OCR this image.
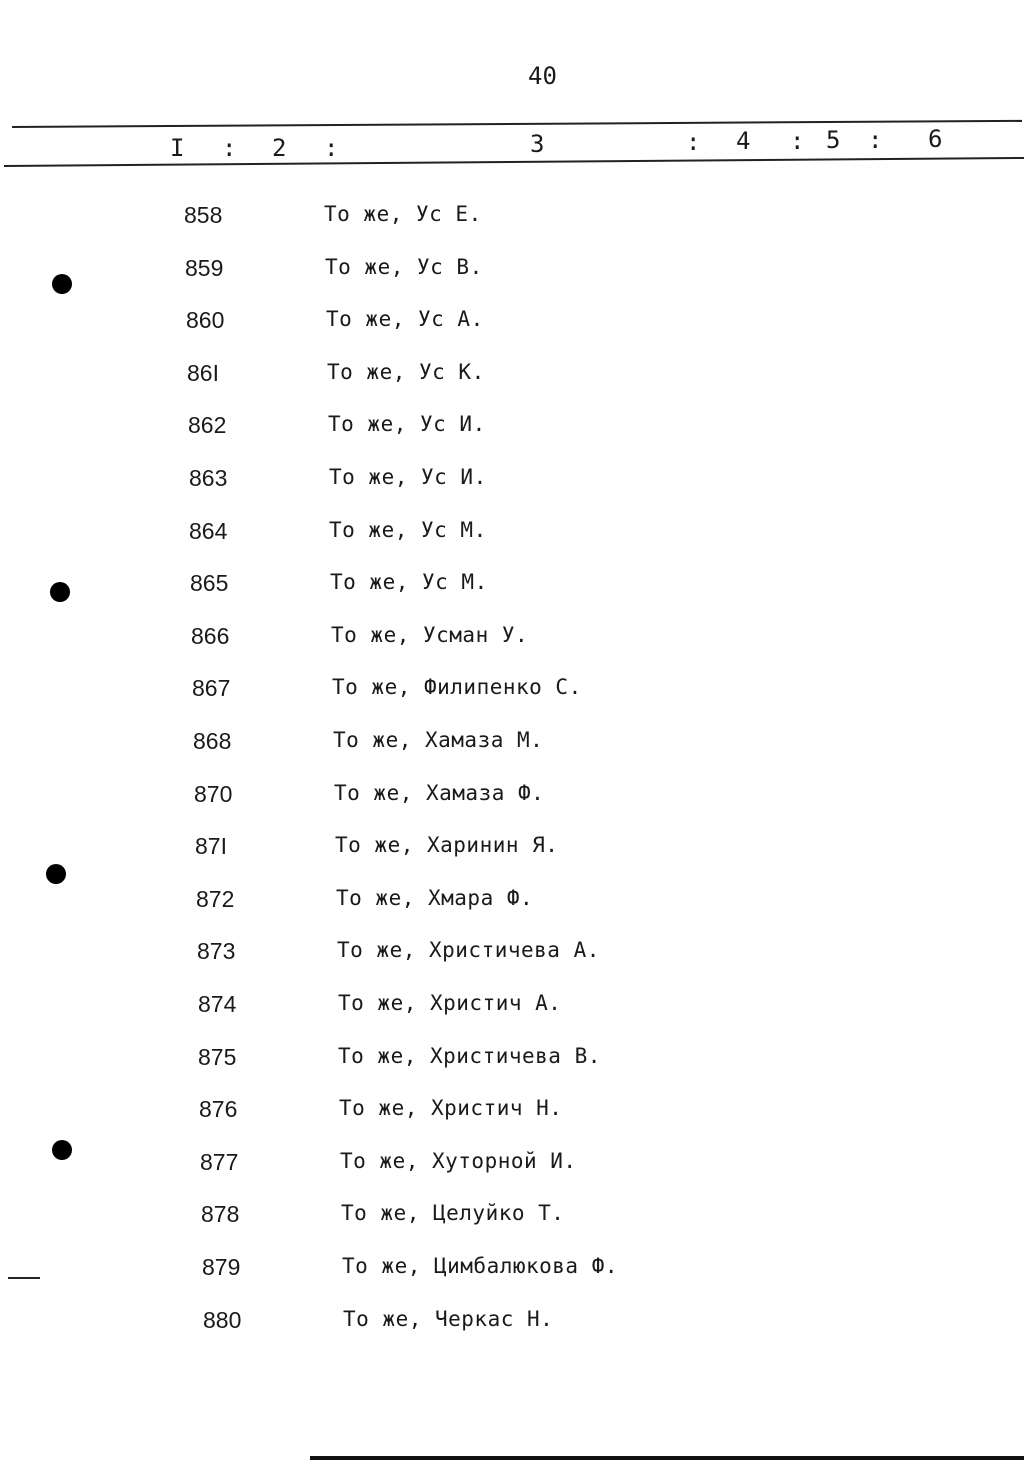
40
I : 2 :	3	: 4 : 5 : 6
858	То же, Ус Е.
859	То же, Ус В.
860	То же, Ус А.
86I	То же, Ус К.
862	То же, Ус И.
863	То же, Ус И.
864	То же, Ус М.
865	То же, Ус М.
866	То же, Усман У.
867	То же, Филипенко С.
868	То же, Хамаза М.
870	То же, Хамаза Ф.
87I	То же, Харинин Я.
872	То же, Хмара Ф.
873	То же, Христичева А.
874	То же, Христич А.
875	То же, Христичева В.
876	То же, Христич Н.
877	То же, Хуторной И.
878	То же, Целуйко Т.
879	То же, Цимбалюкова Ф.
880	То же, Черкас Н.
